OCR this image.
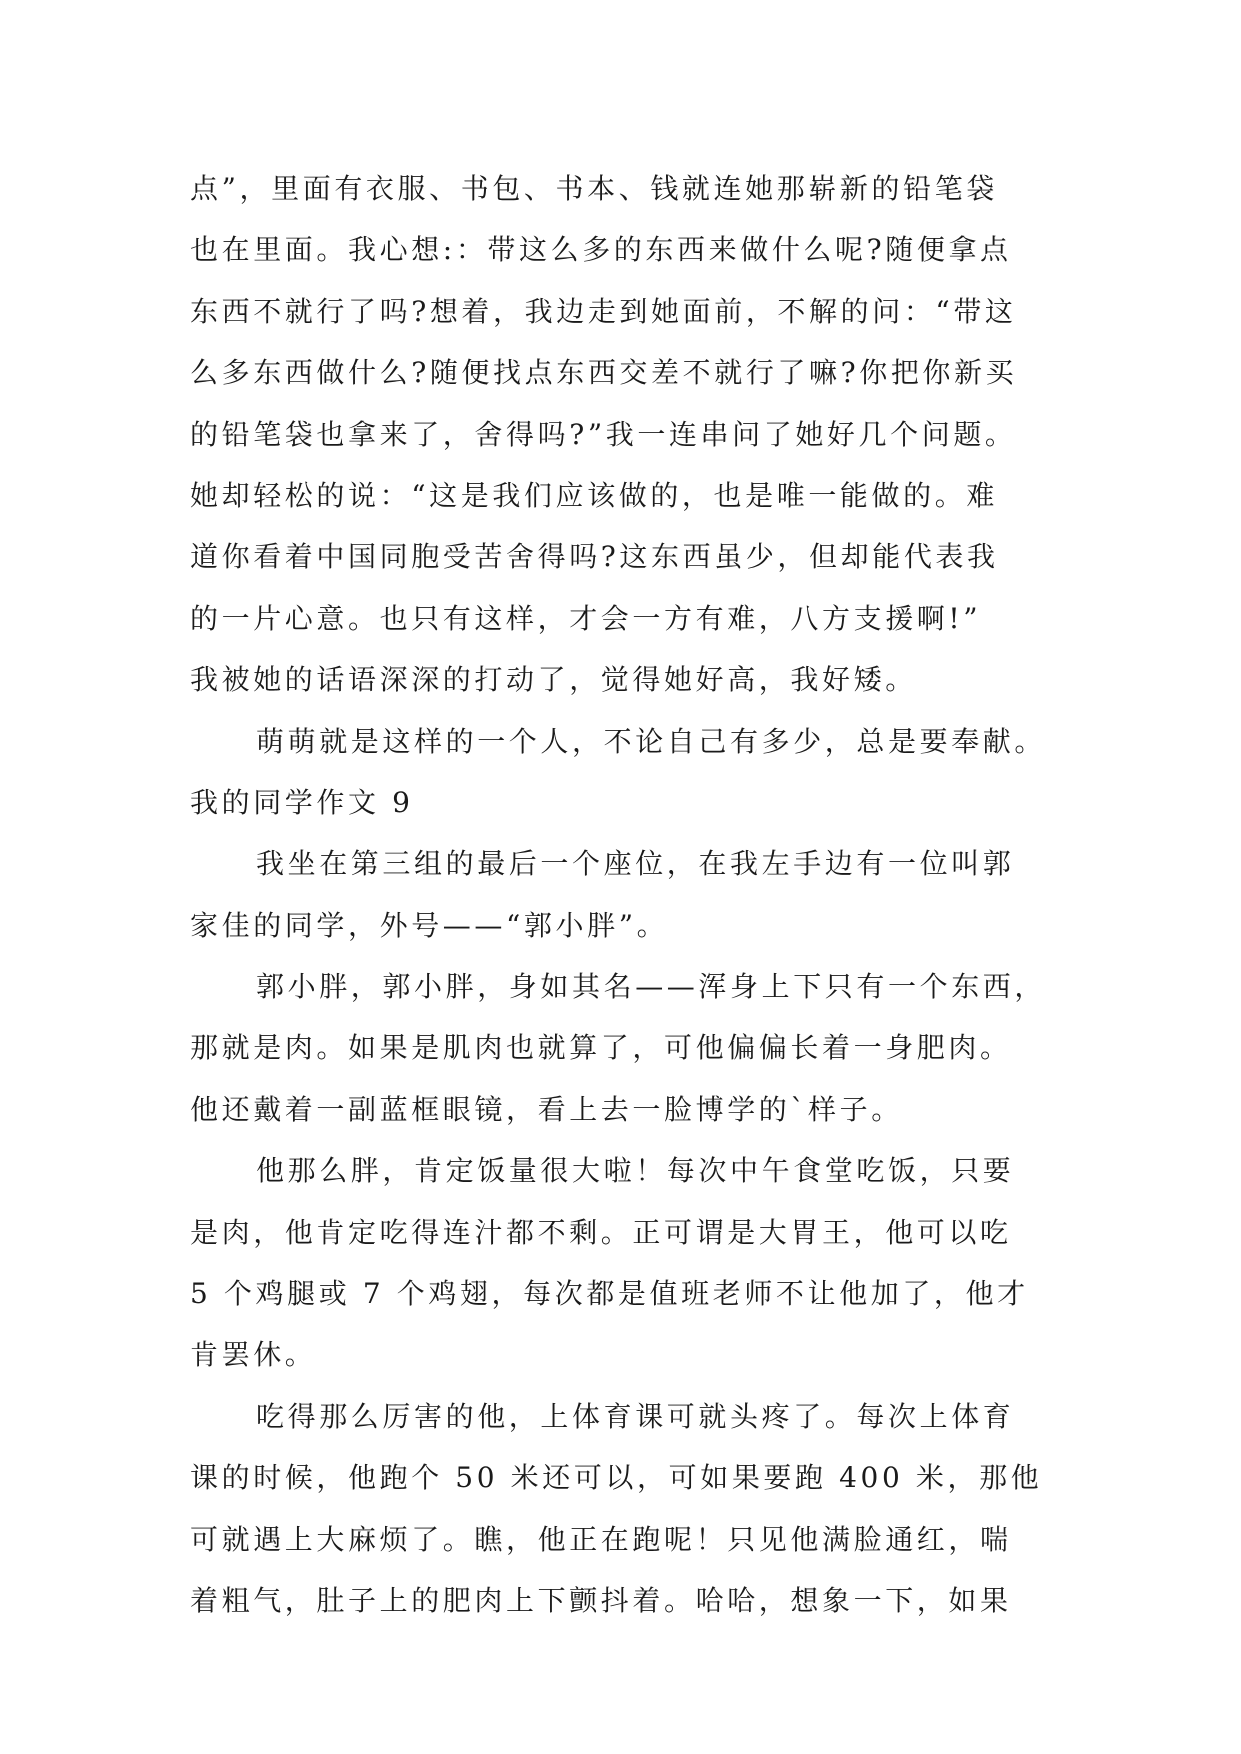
点”，里面有衣服、书包、书本、钱就连她那崭新的铅笔袋
也在里面。我心想:：带这么多的东西来做什么呢?随便拿点
东西不就行了吗?想着，我边走到她面前，不解的问：“带这
么多东西做什么?随便找点东西交差不就行了嘛?你把你新买
的铅笔袋也拿来了，舍得吗?”我一连串问了她好几个问题。
她却轻松的说：“这是我们应该做的，也是唯一能做的。难
道你看着中国同胞受苦舍得吗?这东西虽少，但却能代表我
的一片心意。也只有这样，才会一方有难，八方支援啊!”
我被她的话语深深的打动了，觉得她好高，我好矮。
萌萌就是这样的一个人，不论自己有多少，总是要奉献。
我的同学作文 9
我坐在第三组的最后一个座位，在我左手边有一位叫郭
家佳的同学，外号——“郭小胖”。
郭小胖，郭小胖，身如其名——浑身上下只有一个东西，
那就是肉。如果是肌肉也就算了，可他偏偏长着一身肥肉。
他还戴着一副蓝框眼镜，看上去一脸博学的`样子。
他那么胖，肯定饭量很大啦！每次中午食堂吃饭，只要
是肉，他肯定吃得连汁都不剩。正可谓是大胃王，他可以吃
5 个鸡腿或 7 个鸡翅，每次都是值班老师不让他加了，他才
肯罢休。
吃得那么厉害的他，上体育课可就头疼了。每次上体育
课的时候，他跑个 50 米还可以，可如果要跑 400 米，那他
可就遇上大麻烦了。瞧，他正在跑呢！只见他满脸通红，喘
着粗气，肚子上的肥肉上下颤抖着。哈哈，想象一下，如果
